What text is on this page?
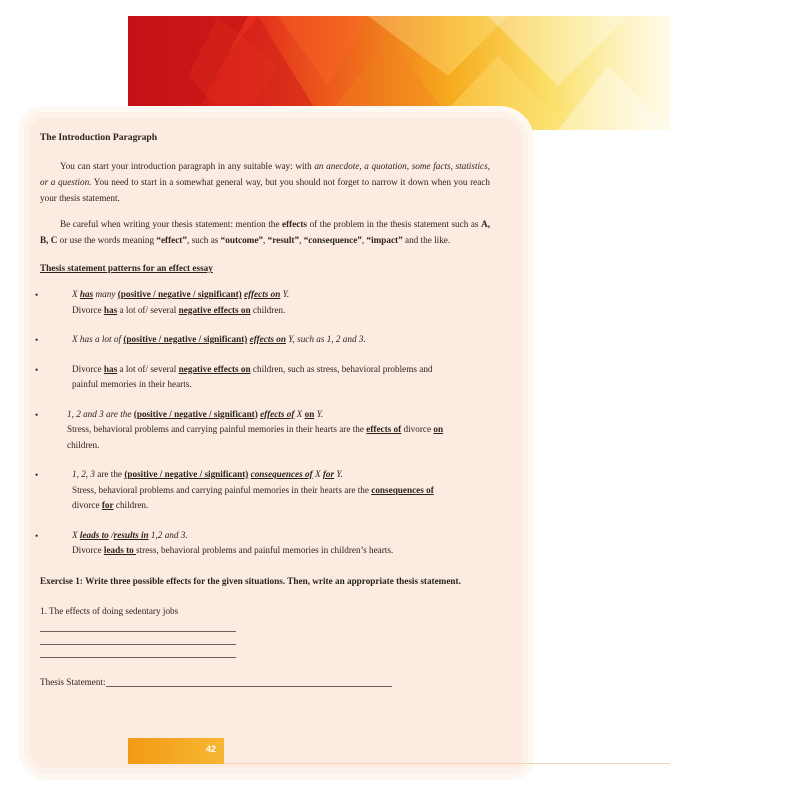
The Introduction Paragraph

You can start your introduction paragraph in any suitable way: with an anecdote, a quotation, some facts, statistics, or a question. You need to start in a somewhat general way, but you should not forget to narrow it down when you reach your thesis statement.

Be careful when writing your thesis statement: mention the effects of the problem in the thesis statement such as A, B, C or use the words meaning “effect”, such as “outcome”, “result”, “consequence”, “impact” and the like.

Thesis statement patterns for an effect essay
•	X has many (positive / negative / significant) effects on Y.
Divorce has a lot of/ several negative effects on children.
•	X has a lot of (positive / negative / significant) effects on Y, such as 1, 2 and 3.
•	Divorce has a lot of/ several negative effects on children, such as stress, behavioral problems and
painful memories in their hearts.
•	1, 2 and 3 are the (positive / negative / significant) effects of X on Y.
Stress, behavioral problems and carrying painful memories in their hearts are the effects of divorce on
children.
•	1, 2, 3 are the (positive / negative / significant) consequences of X for Y.
Stress, behavioral problems and carrying painful memories in their hearts are the consequences of
divorce for children.
•	X leads to /results in 1,2 and 3.
Divorce leads to stress, behavioral problems and painful memories in children’s hearts.
Exercise 1: Write three possible effects for the given situations. Then, write an appropriate thesis statement.
1. The effects of doing sedentary jobs
Thesis Statement:
42
